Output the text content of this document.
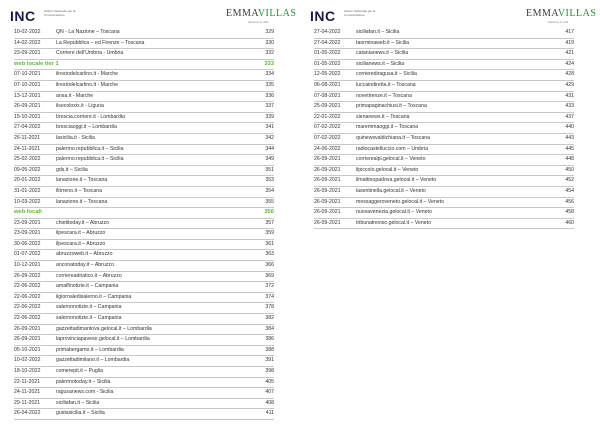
INC	Istituto Nazionale per la Comunicazione	EMMAVILLAS
Vacanze in villa
10-02-2022	QN - La Nazione – Toscana	329
14-02-2022	La Repubblica – ed Firenze – Toscana	330
23-09-2021	Corriere dell'Umbria - Umbria	332
web locale tier 1	333
07-10-2021	ilrestodelcarlino.it - Marche	334
07-10-2021	ilrestodelcarlino.it - Marche	335
13-12-2021	ansa.it - Marche	336
26-09-2021	ilsecoloxix.it - Liguria	337
15-10-2021	brescia.corriere.it - Lombardia	339
27-04-2022	bresciaoggi.it – Lombardia	341
26-11-2021	lasicilia.it - Sicilia	342
24-11-2021	palermo.repubblica.it – Sicilia	344
25-02-2022	palermo.repubblica.it – Sicilia	349
09-05-2022	gds.it – Sicilia	351
20-01-2022	lanazione.it – Toscana	353
31-01-2022	iltirreno.it – Toscana	354
10-03-2022	lanazione.it – Toscana	355
web locali	356
23-09-2021	chietitoday.it – Abruzzo	357
23-09-2021	ilpescara.it – Abruzzo	359
30-06-2022	ilpescara.it – Abruzzo	361
01-07-2022	abruzzoweb.it – Abruzzo	363
10-12-2021	anconatoday.it – Abruzzo	366
26-09-2022	corriereadriatico.it – Abruzzo	369
22-06-2022	amalfinotizie.it – Campania	372
22-06-2022	ilgiornaledisalerno.it – Campania	374
22-06-2022	salernonotizie.it – Campania	378
22-06-2022	salernonotizie.it – Campania	382
26-09-2021	gazzettadimantova.gelocal.it – Lombardia	384
26-09-2021	laprovinciapavese.gelocal.it – Lombardia	386
05-10-2021	primabergamo.it – Lombardia	388
10-02-2022	gazzettadimilano.it – Lombardia	391
18-10-2022	comerepit.it – Puglia	398
22-11-2021	palermotoday.it – Sicilia	405
24-11-2021	ragusanews.com - Sicilia	407
29-11-2021	siciliafan.it – Sicilia	408
26-04-2022	gustasicilia.it – Sicilia	411
INC	Istituto Nazionale per la Comunicazione	EMMAVILLAS
Vacanze in villa
27-04-2022	siciliafan.it – Sicilia	417
27-04-2022	taorminaweb.it – Sicilia	419
01-05-2022	catanianews.it – Sicilia	421
01-05-2022	sicilianews.it – Sicilia	424
12-05-2022	corrierediragusa.it – Sicilia	428
06-08-2021	luccaindiretta.it – Toscana	429
07-08-2021	novetirenze.it – Toscana	431
25-09-2021	primapaginachiusi.it – Toscana	433
22-01-2022	sienanews.it – Toscana	437
07-02-2022	maremmaoggi.it – Toscana	440
07-02-2022	quinewsvaldichiana.it – Toscana	443
24-06-2022	radiocastelluccio.com – Umbria	445
26-09-2021	corrierealpi.gelocal.it – Veneto	448
26-09-2021	ilpiccolo.gelocal.it – Veneto	450
26-09-2021	ilmattinopadova.gelocal.it – Veneto	452
26-09-2021	lasentinella.gelocal.it – Veneto	454
26-09-2021	messaggeroveneto.gelocal.it – Veneto	456
26-09-2021	nuovavenezia.gelocal.it – Veneto	458
26-09-2021	tribunatreviso.gelocal.it – Veneto	460
